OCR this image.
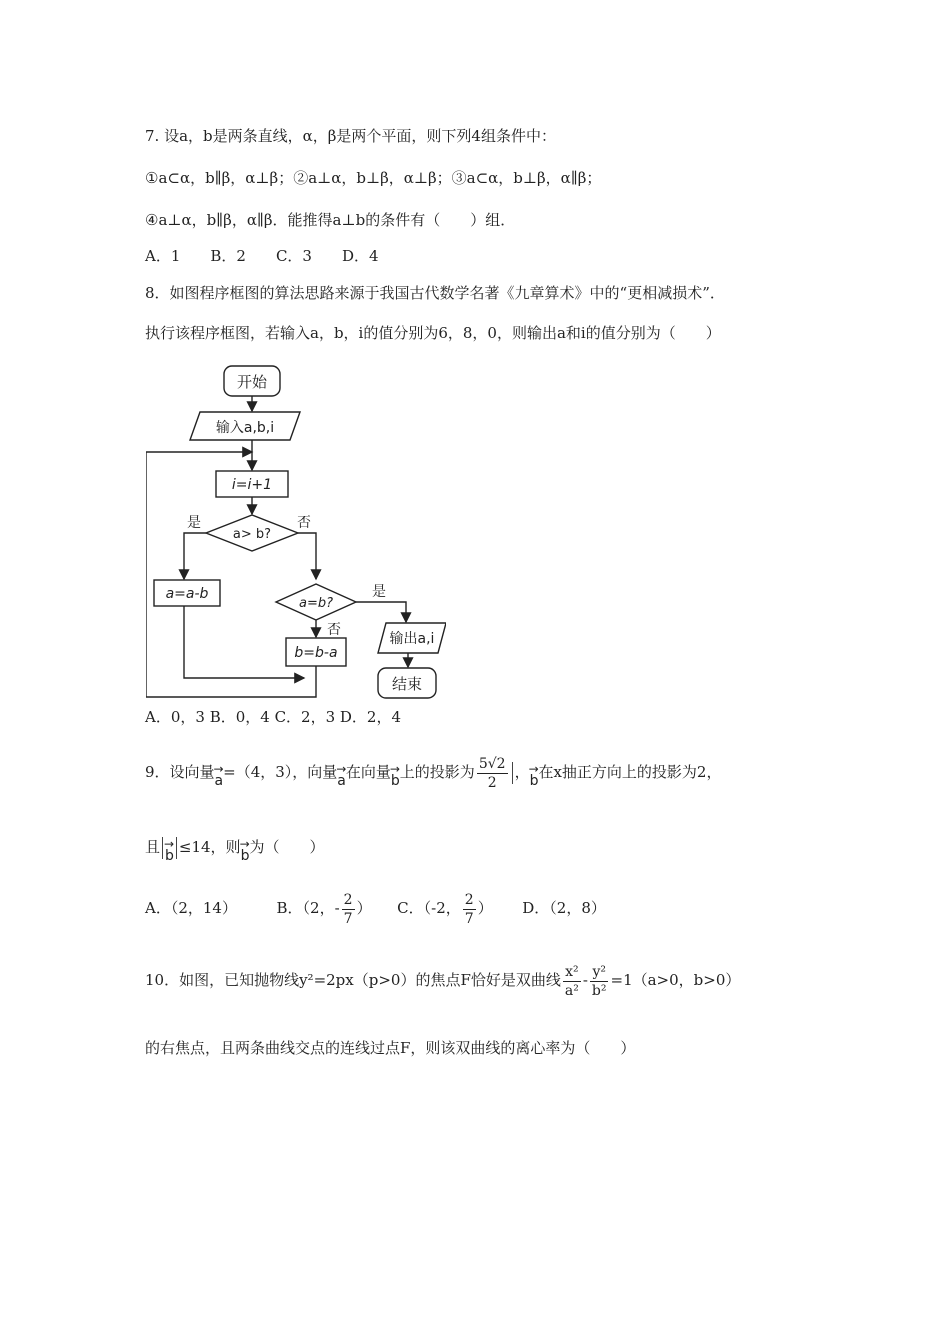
7. 设a，b是两条直线，α，β是两个平面，则下列4组条件中：
①a⊂α，b∥β，α⊥β；②a⊥α，b⊥β，α⊥β；③a⊂α，b⊥β，α∥β；
④a⊥α，b∥β，α∥β．能推得a⊥b的条件有（　　）组．
A．1　　B．2　　C．3　　D．4
8．如图程序框图的算法思路来源于我国古代数学名著《九章算术》中的“更相减损术”．
执行该程序框图，若输入a，b，i的值分别为6，8，0，则输出a和i的值分别为（　　）
开始
输入a,b,i
i=i+1
a> b?
是	否
a=a-b
a=b?
是
否
b=b-a
输出a,i
结束
A．0，3 B．0，4 C．2，3 D．2，4
9．设向量→ a=（4，3），向量→ a在向量→ b上的投影为 $\frac{5√2}{2}$ ，→ b在x抽正方向上的投影为2，
且→ b ≤14，则→ b为（　　）
A．（2，14）	B．（2，- $\frac{2}{7}$ ） C．（-2， $\frac{2}{7}$ ） D．（2，8）
10．如图，已知抛物线y²=2px（p>0）的焦点F恰好是双曲线 $\frac{\text{x²}}{\text{a²}} - \frac{\text{y²}}{\text{b²}} =1(a>0$，b>0）
的右焦点，且两条曲线交点的连线过点F，则该双曲线的离心率为（　　）
